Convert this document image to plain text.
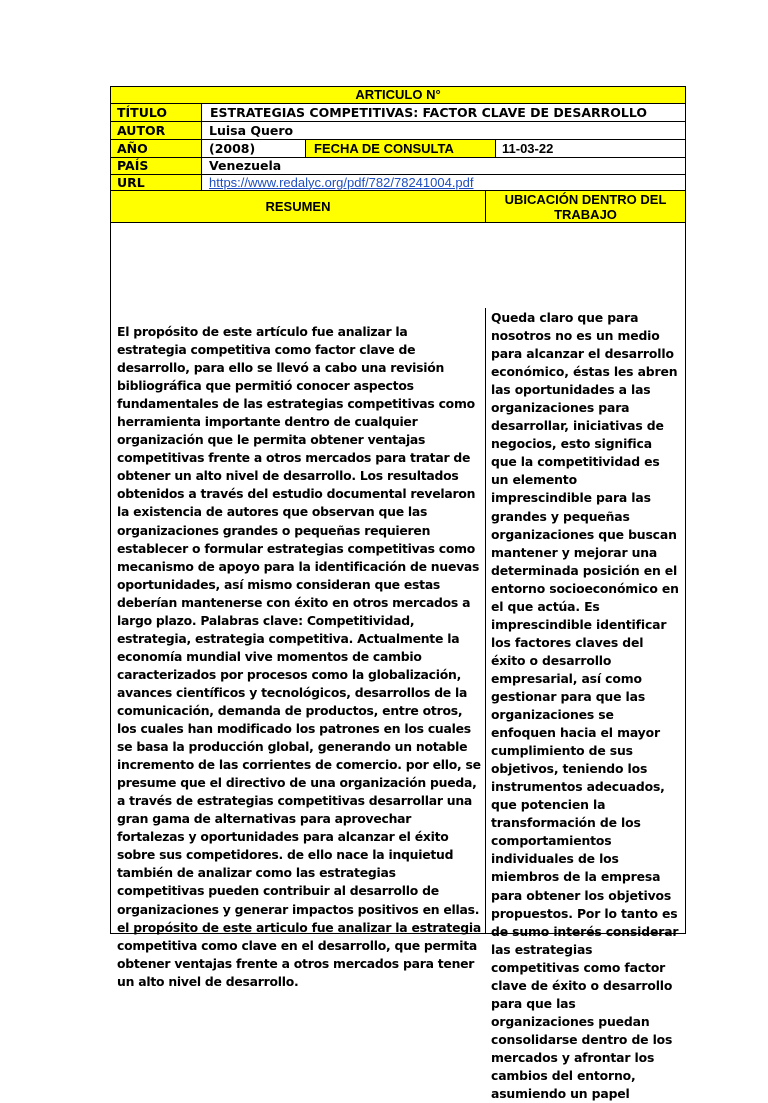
ARTICULO N°
TÍTULO	ESTRATEGIAS COMPETITIVAS: FACTOR CLAVE DE DESARROLLO
AUTOR	Luisa Quero
AÑO	(2008)	FECHA DE CONSULTA	11-03-22
PAÍS	Venezuela
URL	https://www.redalyc.org/pdf/782/78241004.pdf
RESUMEN	UBICACIÓN DENTRO DEL TRABAJO
El propósito de este artículo fue analizar la estrategia competitiva como factor clave de desarrollo, para ello se llevó a cabo una revisión bibliográfica que permitió conocer aspectos fundamentales de las estrategias competitivas como herramienta importante dentro de cualquier organización que le permita obtener ventajas competitivas frente a otros mercados para tratar de obtener un alto nivel de desarrollo. Los resultados obtenidos a través del estudio documental revelaron la existencia de autores que observan que las organizaciones grandes o pequeñas requieren establecer o formular estrategias competitivas como mecanismo de apoyo para la identificación de nuevas oportunidades, así mismo consideran que estas deberían mantenerse con éxito en otros mercados a largo plazo. Palabras clave: Competitividad, estrategia, estrategia competitiva. Actualmente la economía mundial vive momentos de cambio caracterizados por procesos como la globalización, avances científicos y tecnológicos, desarrollos de la comunicación, demanda de productos, entre otros, los cuales han modificado los patrones en los cuales se basa la producción global, generando un notable incremento de las corrientes de comercio. por ello, se presume que el directivo de una organización pueda, a través de estrategias competitivas desarrollar una gran gama de alternativas para aprovechar fortalezas y oportunidades para alcanzar el éxito sobre sus competidores. de ello nace la inquietud también de analizar como las estrategias competitivas pueden contribuir al desarrollo de organizaciones y generar impactos positivos en ellas. el propósito de este articulo fue analizar la estrategia competitiva como clave en el desarrollo, que permita obtener ventajas frente a otros mercados para tener un alto nivel de desarrollo.
Queda claro que para nosotros no es un medio para alcanzar el desarrollo económico, éstas les abren las oportunidades a las organizaciones para desarrollar, iniciativas de negocios, esto significa que la competitividad es un elemento imprescindible para las grandes y pequeñas organizaciones que buscan mantener y mejorar una determinada posición en el entorno socioeconómico en el que actúa. Es imprescindible identificar los factores claves del éxito o desarrollo empresarial, así como gestionar para que las organizaciones se enfoquen hacia el mayor cumplimiento de sus objetivos, teniendo los instrumentos adecuados, que potencien la transformación de los comportamientos individuales de los miembros de la empresa para obtener los objetivos propuestos. Por lo tanto es de sumo interés considerar las estrategias competitivas como factor clave de éxito o desarrollo para que las organizaciones puedan consolidarse dentro de los mercados y afrontar los cambios del entorno, asumiendo un papel
